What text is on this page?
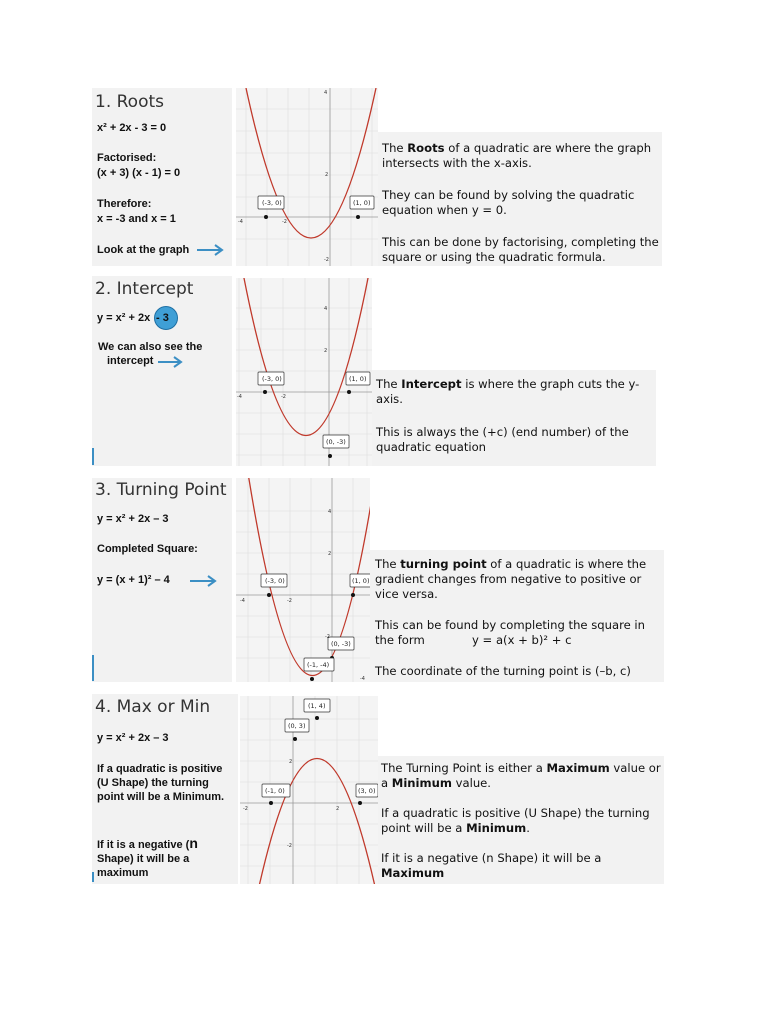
1. Roots
x² + 2x - 3 = 0
Factorised:
(x + 3) (x - 1) = 0
Therefore:
x = -3 and x = 1
Look at the graph
(-3, 0)	(1, 0)
2
-4	-2
-2
4
The Roots of a quadratic are where the graph intersects with the x-axis.
They can be found by solving the quadratic equation when y = 0.
This can be done by factorising, completing the square or using the quadratic formula.
2. Intercept
y = x² + 2x - 3
We can also see the
intercept
(-3, 0)	(1, 0)
(0, -3)
4
2
-4	-2
The Intercept is where the graph cuts the y-axis.
This is always the (+c) (end number) of the quadratic equation
3. Turning Point
y = x² + 2x – 3
Completed Square:
y = (x + 1)² – 4	(-3, 0)	(1, 0)
(0, -3)
(-1, -4)
4
2
-4	-2
-2
-4
The turning point of a quadratic is where the gradient changes from negative to positive or vice versa.
This can be found by completing the square in the form	y = a(x + b)² + c
The coordinate of the turning point is (–b, c)
4. Max or Min
y = x² + 2x – 3
If a quadratic is positive (U Shape) the turning point will be a Minimum.
If it is a negative (n Shape) it will be a maximum
(1, 4)
(0, 3)
(-1, 0)	(3, 0)
2
-2	2
-2
The Turning Point is either a Maximum value or a Minimum value.
If a quadratic is positive (U Shape) the turning point will be a Minimum.
If it is a negative (n Shape) it will be a Maximum
